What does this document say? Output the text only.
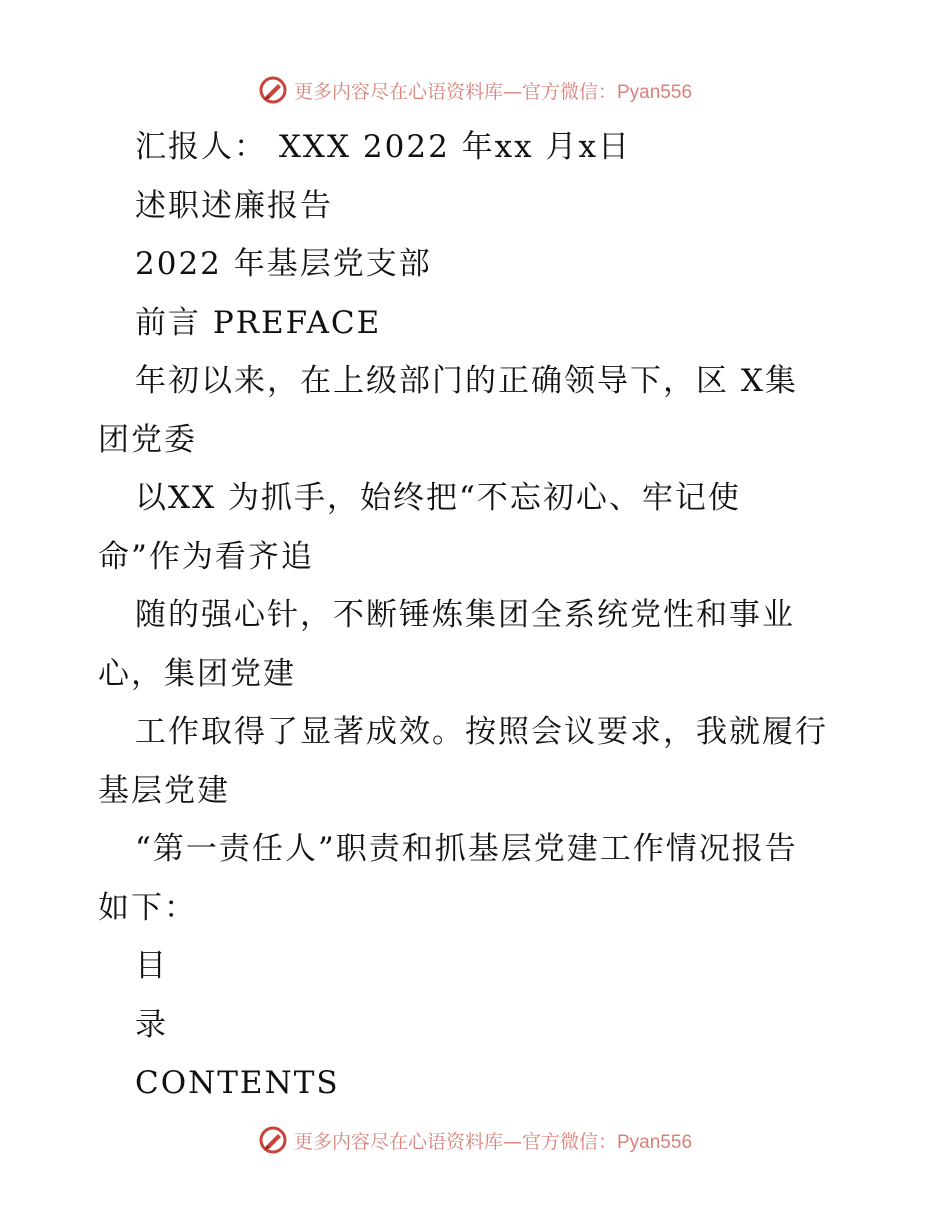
更多内容尽在心语资料库—官方微信：Pyan556
汇报人： XXX 2022 年xx 月x日
述职述廉报告
2022 年基层党支部
前言 PREFACE
年初以来，在上级部门的正确领导下，区 X集
团党委
以XX 为抓手，始终把“不忘初心、牢记使
命”作为看齐追
随的强心针，不断锤炼集团全系统党性和事业
心，集团党建
工作取得了显著成效。按照会议要求，我就履行
基层党建
“第一责任人”职责和抓基层党建工作情况报告
如下：
目
录
CONTENTS
更多内容尽在心语资料库—官方微信：Pyan556
